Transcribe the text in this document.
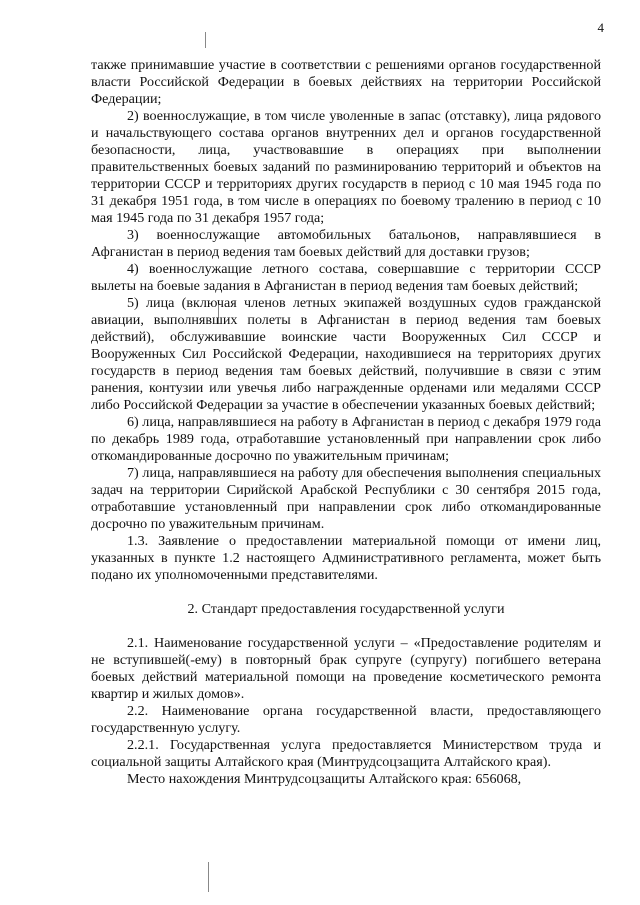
4

также принимавшие участие в соответствии с решениями органов государственной власти Российской Федерации в боевых действиях на территории Российской Федерации;

2) военнослужащие, в том числе уволенные в запас (отставку), лица рядового и начальствующего состава органов внутренних дел и органов государственной безопасности, лица, участвовавшие в операциях при выполнении правительственных боевых заданий по разминированию территорий и объектов на территории СССР и территориях других государств в период с 10 мая 1945 года по 31 декабря 1951 года, в том числе в операциях по боевому тралению в период с 10 мая 1945 года по 31 декабря 1957 года;

3) военнослужащие автомобильных батальонов, направлявшиеся в Афганистан в период ведения там боевых действий для доставки грузов;

4) военнослужащие летного состава, совершавшие с территории СССР вылеты на боевые задания в Афганистан в период ведения там боевых действий;

5) лица (включая членов летных экипажей воздушных судов гражданской авиации, выполнявших полеты в Афганистан в период ведения там боевых действий), обслуживавшие воинские части Вооруженных Сил СССР и Вооруженных Сил Российской Федерации, находившиеся на территориях других государств в период ведения там боевых действий, получившие в связи с этим ранения, контузии или увечья либо награжденные орденами или медалями СССР либо Российской Федерации за участие в обеспечении указанных боевых действий;

6) лица, направлявшиеся на работу в Афганистан в период с декабря 1979 года по декабрь 1989 года, отработавшие установленный при направлении срок либо откомандированные досрочно по уважительным причинам;

7) лица, направлявшиеся на работу для обеспечения выполнения специальных задач на территории Сирийской Арабской Республики с 30 сентября 2015 года, отработавшие установленный при направлении срок либо откомандированные досрочно по уважительным причинам.

1.3. Заявление о предоставлении материальной помощи от имени лиц, указанных в пункте 1.2 настоящего Административного регламента, может быть подано их уполномоченными представителями.

2. Стандарт предоставления государственной услуги

2.1. Наименование государственной услуги – «Предоставление родителям и не вступившей(-ему) в повторный брак супруге (супругу) погибшего ветерана боевых действий материальной помощи на проведение косметического ремонта квартир и жилых домов».

2.2. Наименование органа государственной власти, предоставляющего государственную услугу.

2.2.1. Государственная услуга предоставляется Министерством труда и социальной защиты Алтайского края (Минтрудсоцзащита Алтайского края).

Место нахождения Минтрудсоцзащиты Алтайского края: 656068,
